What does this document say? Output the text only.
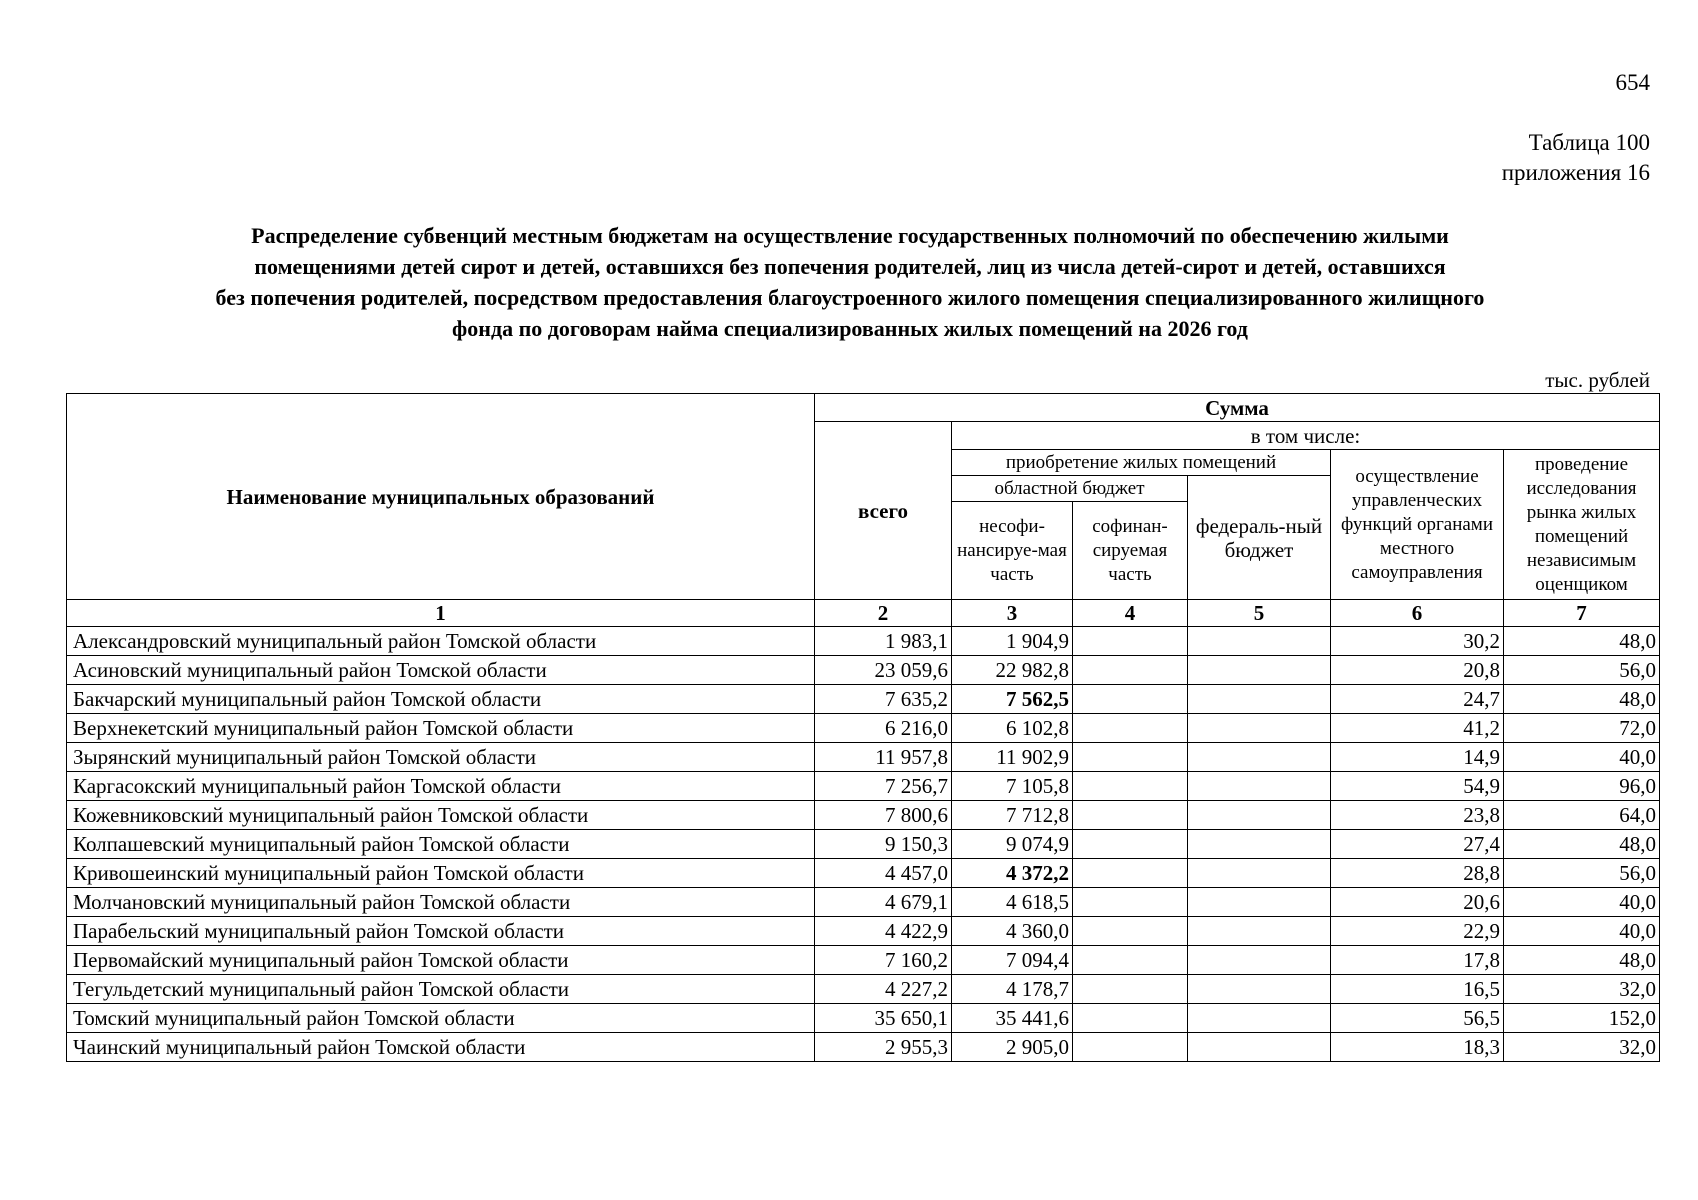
654
Таблица 100
приложения 16
Распределение субвенций местным бюджетам на осуществление государственных полномочий по обеспечению жилыми
помещениями детей сирот и детей, оставшихся без попечения родителей, лиц из числа детей-сирот и детей, оставшихся
без попечения родителей, посредством предоставления благоустроенного жилого помещения специализированного жилищного
фонда по договорам найма специализированных жилых помещений на 2026 год
тыс. рублей
Наименование муниципальных образований	Сумма					
	всего	в том числе:				
		приобретение жилых помещений			осуществление управленческих функций органами местного самоуправления	проведение исследования рынка жилых помещений независимым оценщиком
		областной бюджет		федераль-ный бюджет		
		несофи-нансируе-мая часть	софинан-сируемая часть			

1	2	3	4	5	6	7
Александровский муниципальный район Томской области	1 983,1	1 904,9			30,2	48,0
Асиновский муниципальный район Томской области	23 059,6	22 982,8			20,8	56,0
Бакчарский муниципальный район Томской области	7 635,2	7 562,5			24,7	48,0
Верхнекетский муниципальный район Томской области	6 216,0	6 102,8			41,2	72,0
Зырянский муниципальный район Томской области	11 957,8	11 902,9			14,9	40,0
Каргасокский муниципальный район Томской области	7 256,7	7 105,8			54,9	96,0
Кожевниковский муниципальный район Томской области	7 800,6	7 712,8			23,8	64,0
Колпашевский муниципальный район Томской области	9 150,3	9 074,9			27,4	48,0
Кривошеинский муниципальный район Томской области	4 457,0	4 372,2			28,8	56,0
Молчановский муниципальный район Томской области	4 679,1	4 618,5			20,6	40,0
Парабельский муниципальный район Томской области	4 422,9	4 360,0			22,9	40,0
Первомайский муниципальный район Томской области	7 160,2	7 094,4			17,8	48,0
Тегульдетский муниципальный район Томской области	4 227,2	4 178,7			16,5	32,0
Томский муниципальный район Томской области	35 650,1	35 441,6			56,5	152,0
Чаинский муниципальный район Томской области	2 955,3	2 905,0			18,3	32,0
